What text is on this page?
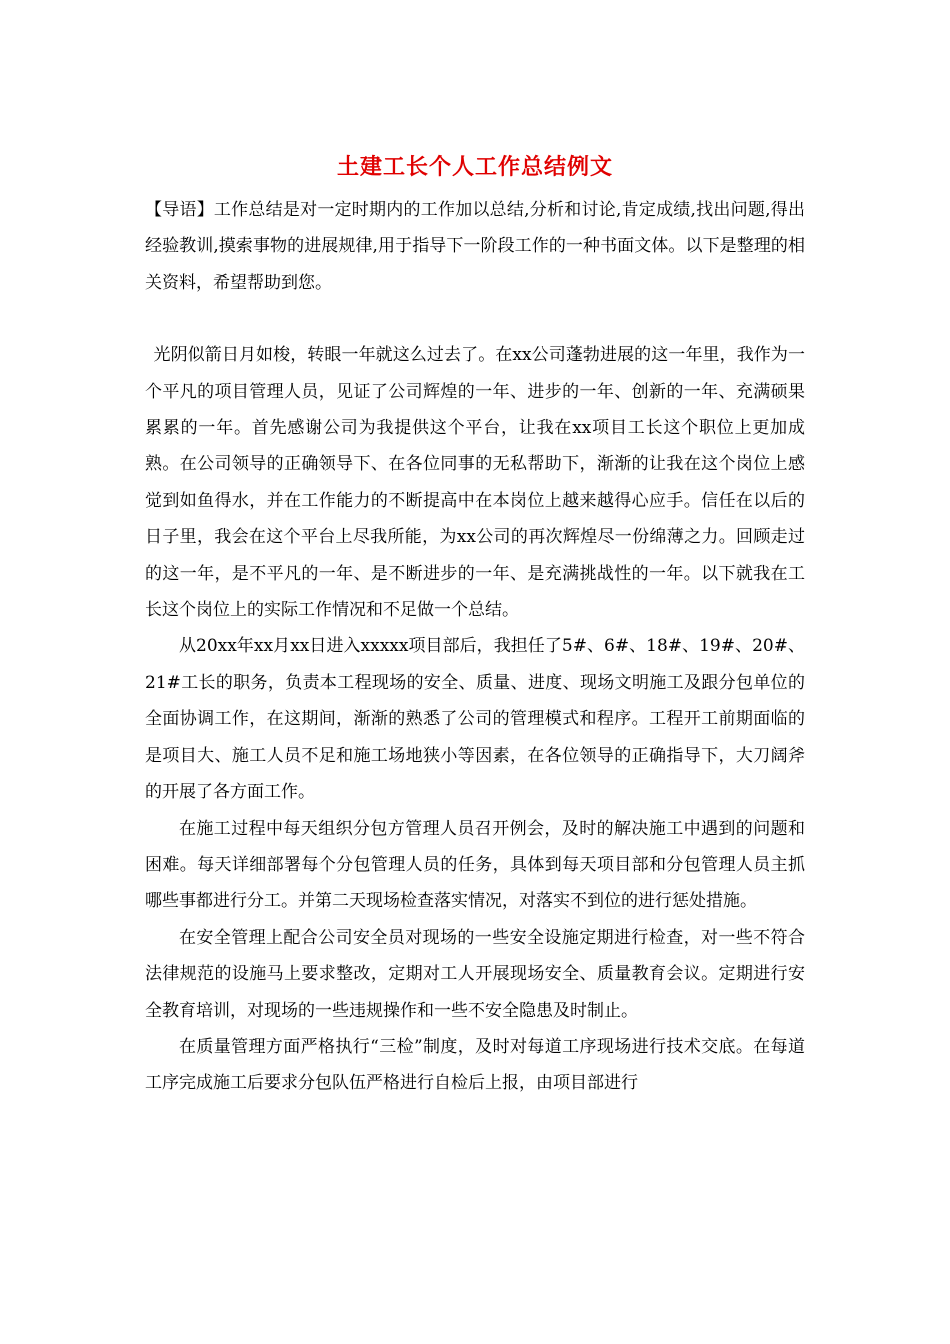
土建工长个人工作总结例文

【导语】工作总结是对一定时期内的工作加以总结,分析和讨论,肯定成绩,找出问题,得出经验教训,摸索事物的进展规律,用于指导下一阶段工作的一种书面文体。以下是整理的相关资料，希望帮助到您。

光阴似箭日月如梭，转眼一年就这么过去了。在xx公司蓬勃进展的这一年里，我作为一个平凡的项目管理人员，见证了公司辉煌的一年、进步的一年、创新的一年、充满硕果累累的一年。首先感谢公司为我提供这个平台，让我在xx项目工长这个职位上更加成熟。在公司领导的正确领导下、在各位同事的无私帮助下，渐渐的让我在这个岗位上感觉到如鱼得水，并在工作能力的不断提高中在本岗位上越来越得心应手。信任在以后的日子里，我会在这个平台上尽我所能，为xx公司的再次辉煌尽一份绵薄之力。回顾走过的这一年，是不平凡的一年、是不断进步的一年、是充满挑战性的一年。以下就我在工长这个岗位上的实际工作情况和不足做一个总结。

从20xx年xx月xx日进入xxxxx项目部后，我担任了5#、6#、18#、19#、20#、21#工长的职务，负责本工程现场的安全、质量、进度、现场文明施工及跟分包单位的全面协调工作，在这期间，渐渐的熟悉了公司的管理模式和程序。工程开工前期面临的是项目大、施工人员不足和施工场地狭小等因素，在各位领导的正确指导下，大刀阔斧的开展了各方面工作。

在施工过程中每天组织分包方管理人员召开例会，及时的解决施工中遇到的问题和困难。每天详细部署每个分包管理人员的任务，具体到每天项目部和分包管理人员主抓哪些事都进行分工。并第二天现场检查落实情况，对落实不到位的进行惩处措施。

在安全管理上配合公司安全员对现场的一些安全设施定期进行检查，对一些不符合法律规范的设施马上要求整改，定期对工人开展现场安全、质量教育会议。定期进行安全教育培训，对现场的一些违规操作和一些不安全隐患及时制止。

在质量管理方面严格执行“三检”制度，及时对每道工序现场进行技术交底。在每道工序完成施工后要求分包队伍严格进行自检后上报，由项目部进行
